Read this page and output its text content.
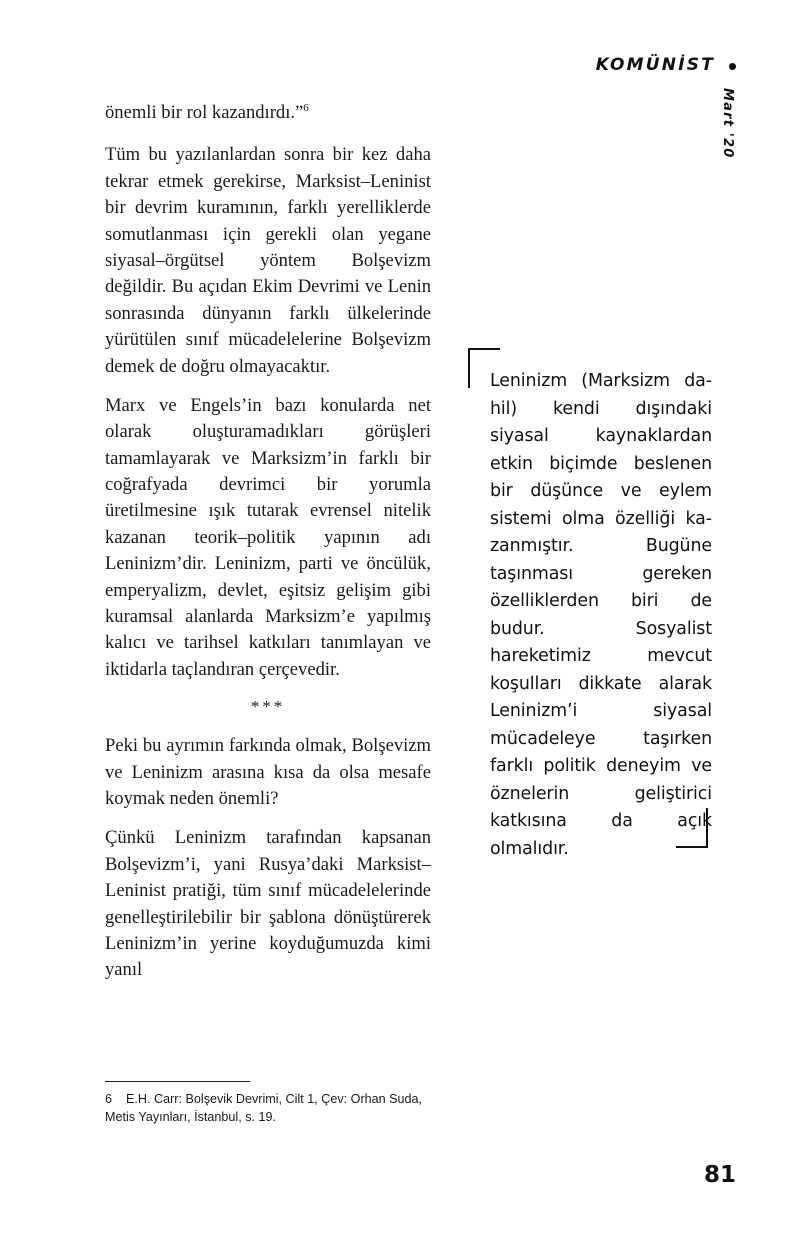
KOMÜNİST
Mart '20

önemli bir rol kazandırdı.”$^6$

Tüm bu yazılanlardan sonra bir kez daha tekrar etmek gerekirse, Marksist–Leninist bir devrim kuramının, farklı yerelliklerde somutlanması için gerekli olan yegane siyasal–örgütsel yöntem Bolşevizm değildir. Bu açıdan Ekim Devrimi ve Lenin sonrasında dünyanın farklı ülkelerinde yürütülen sınıf mücadelelerine Bolşevizm demek de doğru olmayacaktır.

Marx ve Engels’in bazı konularda net olarak oluşturamadıkları görüşleri tamamlayarak ve Marksizm’in farklı bir coğrafyada devrimci bir yorumla üretilmesine ışık tutarak evrensel nitelik kazanan teorik–politik yapının adı Leninizm’dir. Leninizm, parti ve öncülük, emperyalizm, devlet, eşitsiz gelişim gibi kuramsal alanlarda Marksizm’e yapılmış kalıcı ve tarihsel katkıları tanımlayan ve iktidarla taçlandıran çerçevedir.

***

Peki bu ayrımın farkında olmak, Bolşevizm ve Leninizm arasına kısa da olsa mesafe koymak neden önemli?

Çünkü Leninizm tarafından kapsanan Bolşevizm’i, yani Rusya’daki Marksist–Leninist pratiği, tüm sınıf mücadelelerinde genelleştirilebilir bir şablona dönüştürerek Leninizm’in yerine koyduğumuzda kimi yanıl

6 E.H. Carr: Bolşevik Devrimi, Cilt 1, Çev: Orhan Suda, Metis Yayınları, İstanbul, s. 19.
Leninizm (Marksizm dahil) kendi dışındaki siyasal kaynaklardan etkin biçimde beslenen bir düşünce ve eylem sistemi olma özelliği kazanmıştır. Bugüne taşınması gereken özelliklerden biri de budur. Sosyalist hareketimiz mevcut koşulları dikkate alarak Leninizm’i siyasal mücadeleye taşırken farklı politik deneyim ve öznelerin geliştirici katkısına da açık olmalıdır.
81
